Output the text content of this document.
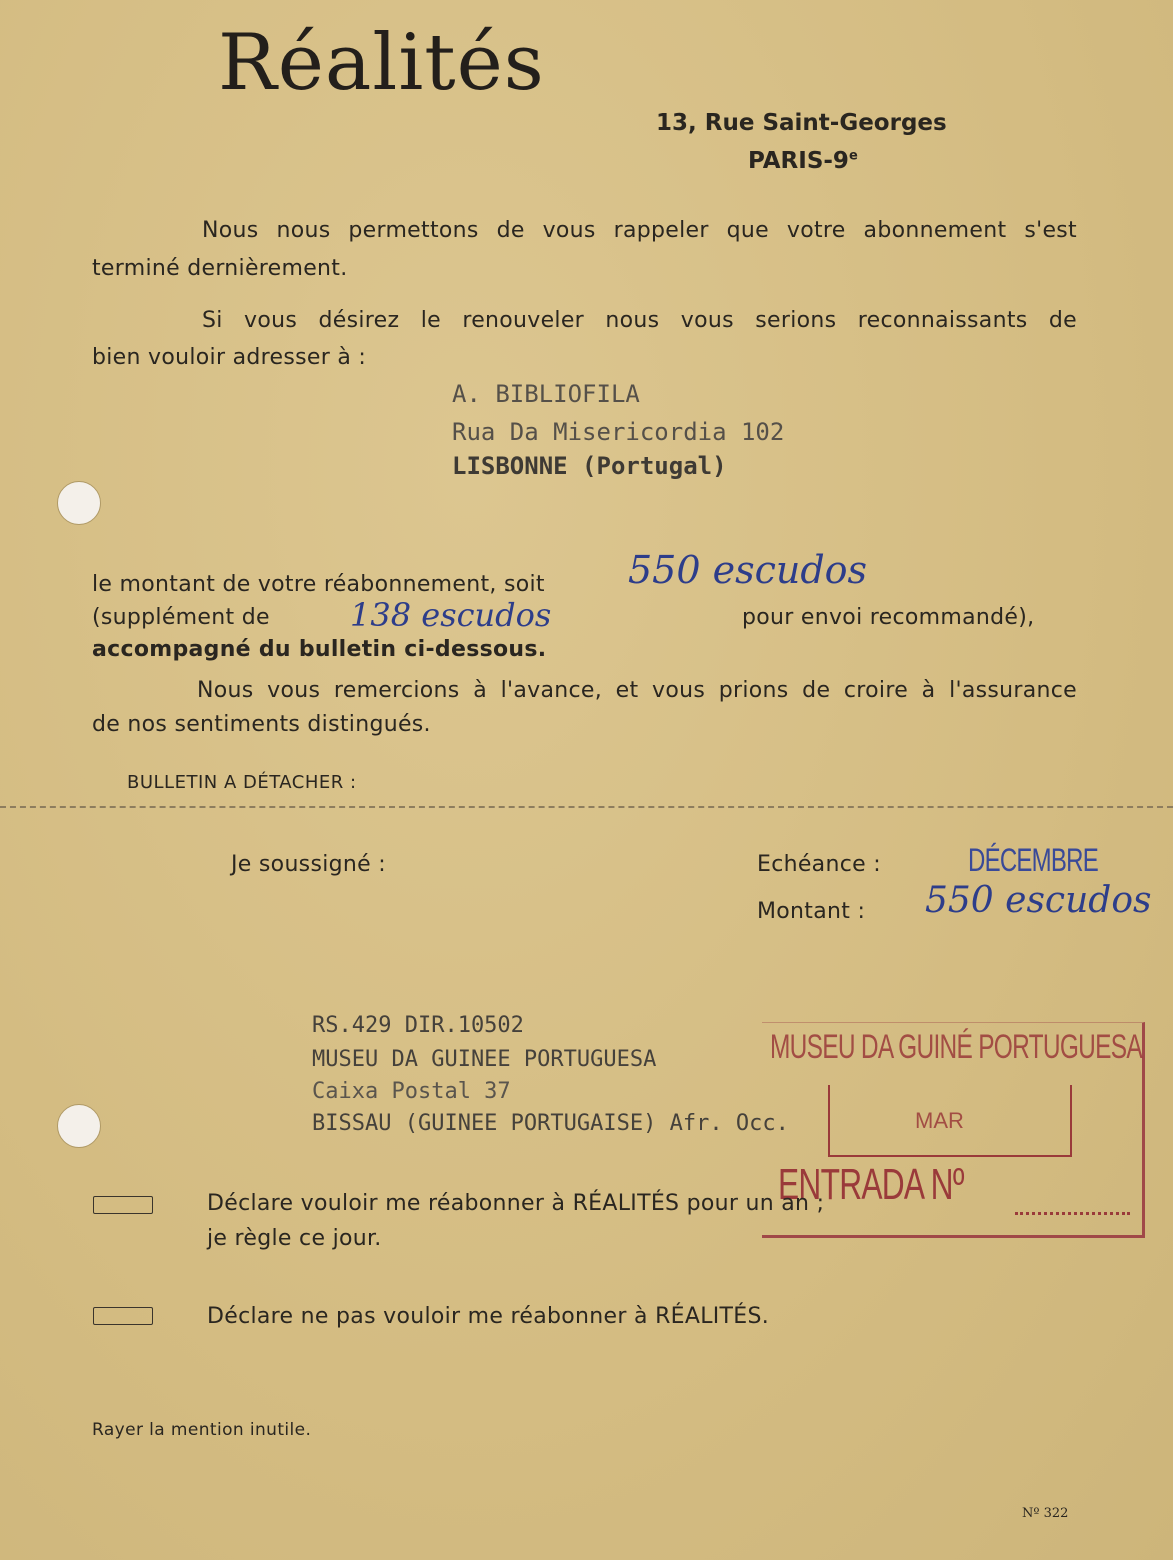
Réalités
13, Rue Saint-Georges
PARIS-9e
Nous nous permettons de vous rappeler que votre abonnement s'est
terminé dernièrement.
Si vous désirez le renouveler nous vous serions reconnaissants de
bien vouloir adresser à :
A. BIBLIOFILA
Rua Da Misericordia 102
LISBONNE (Portugal)
le montant de votre réabonnement, soit 550 escudos
(supplément de	138 escudos	pour envoi recommandé),
accompagné du bulletin ci-dessous.
Nous vous remercions à l'avance, et vous prions de croire à l'assurance
de nos sentiments distingués.
BULLETIN A DÉTACHER :
Je soussigné :	Echéance :	DÉCEMBRE
Montant : 550 escudos
RS.429 DIR.10502
MUSEU DA GUINEE PORTUGUESA
Caixa Postal 37
BISSAU (GUINEE PORTUGAISE) Afr. Occ.
MUSEU DA GUINÉ PORTUGUESA
MAR
ENTRADA Nº
Déclare vouloir me réabonner à RÉALITÉS pour un an ;
je règle ce jour.
Déclare ne pas vouloir me réabonner à RÉALITÉS.
Rayer la mention inutile.
Nº 322
